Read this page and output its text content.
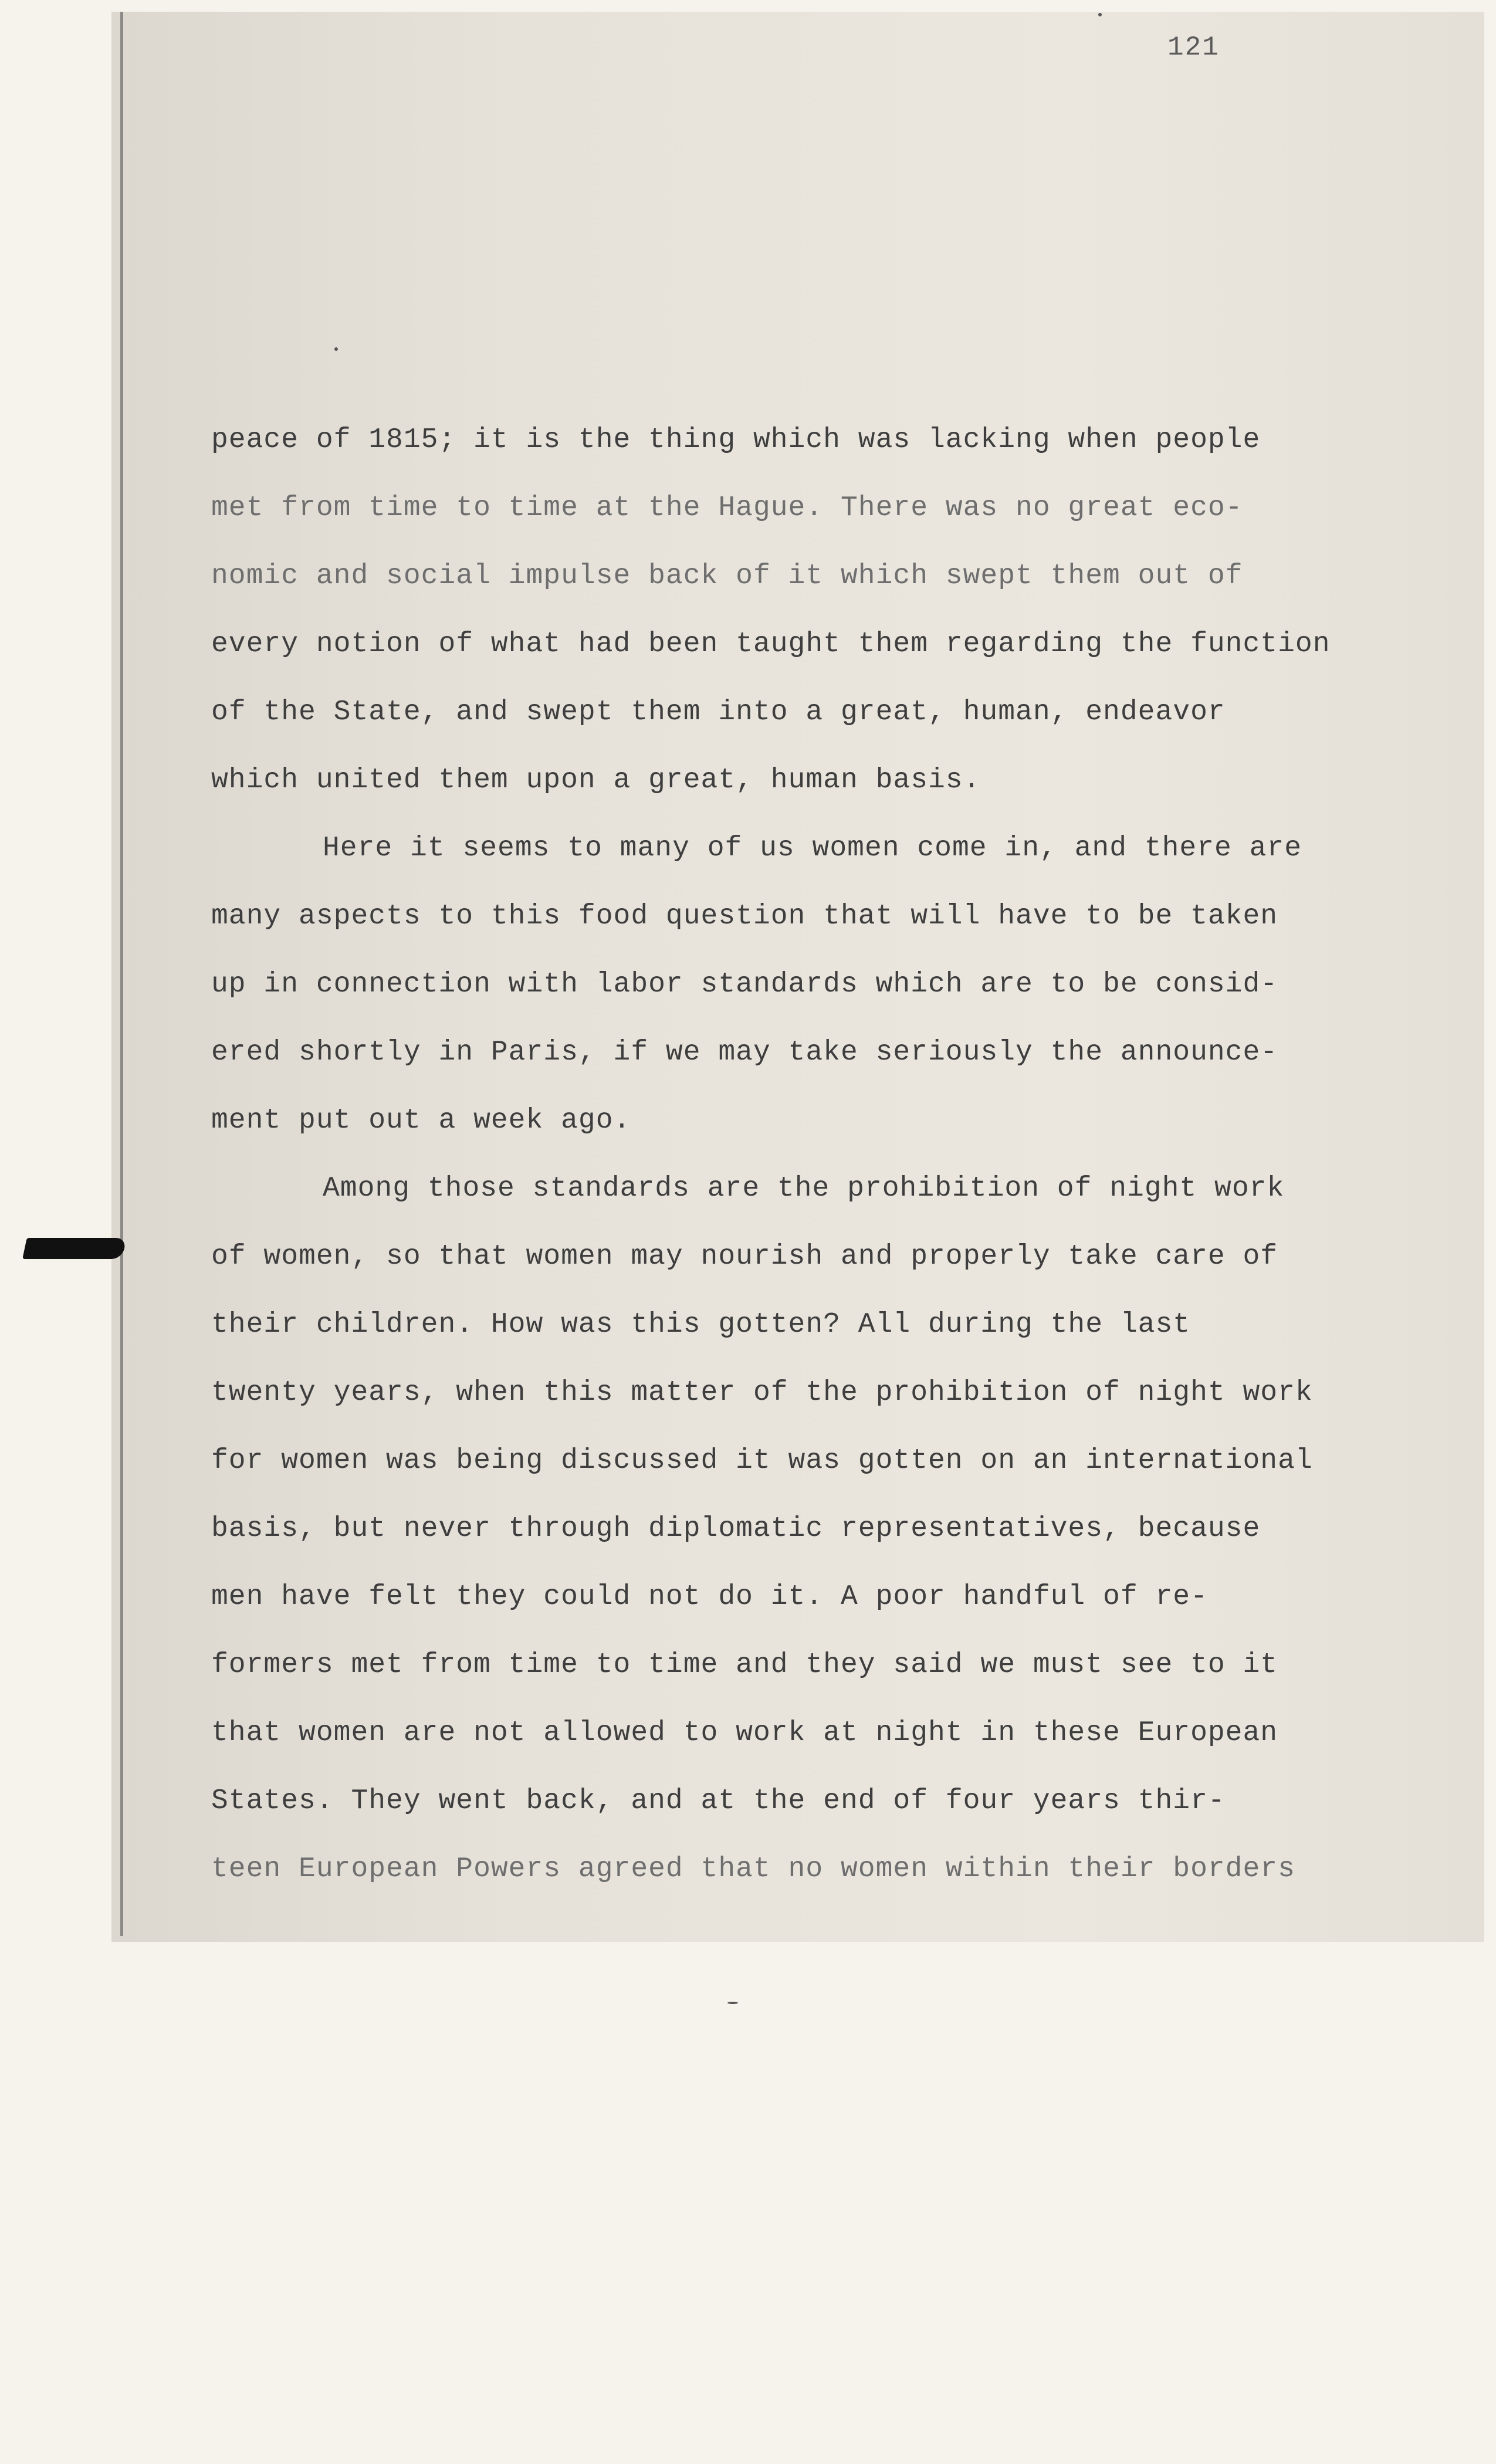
121
peace of 1815; it is the thing which was lacking when people
met from time to time at the Hague. There was no great eco-
nomic and social impulse back of it which swept them out of
every notion of what had been taught them regarding the function
of the State, and swept them into a great, human, endeavor
which united them upon a great, human basis.
Here it seems to many of us women come in, and there are
many aspects to this food question that will have to be taken
up in connection with labor standards which are to be consid-
ered shortly in Paris, if we may take seriously the announce-
ment put out a week ago.
Among those standards are the prohibition of night work
of women, so that women may nourish and properly take care of
their children. How was this gotten? All during the last
twenty years, when this matter of the prohibition of night work
for women was being discussed it was gotten on an international
basis, but never through diplomatic representatives, because
men have felt they could not do it. A poor handful of re-
formers met from time to time and they said we must see to it
that women are not allowed to work at night in these European
States. They went back, and at the end of four years thir-
teen European Powers agreed that no women within their borders
